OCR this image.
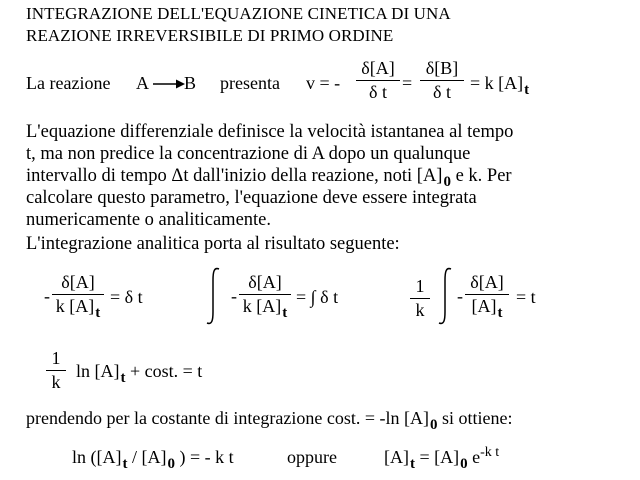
INTEGRAZIONE DELL'EQUAZIONE CINETICA DI UNA
REAZIONE IRREVERSIBILE DI PRIMO ORDINE
La reazione A →
B presenta v = -
δ[A]
δ t =
δ[B]
δ t	= k $[A]_t$
L'equazione differenziale definisce la velocità istantanea al tempo
t, ma non predice la concentrazione di A dopo un qualunque
intervallo di tempo Δt dall'inizio della reazione, noti $[A]_0$ e k. Per
calcolare questo parametro, l'equazione deve essere integrata
numericamente o analiticamente.
L'integrazione analitica porta al risultato seguente:
-
δ[A]
k $[A]_t$
= δ t	-
δ[A]
k $[A]_t$
= ∫ δ t
1
k
-
δ[A]
$[A]_t$
= t
1
k
$\ln [A]_t + \cos t$. = t
prendendo per la costante di integrazione cost. = -ln $[A]_0$ si ottiene:
$\ln ([A]_t / [A]_0$ ) = - k t	oppure	$[A]_t = [A]_0$ $e^{-k t}$
